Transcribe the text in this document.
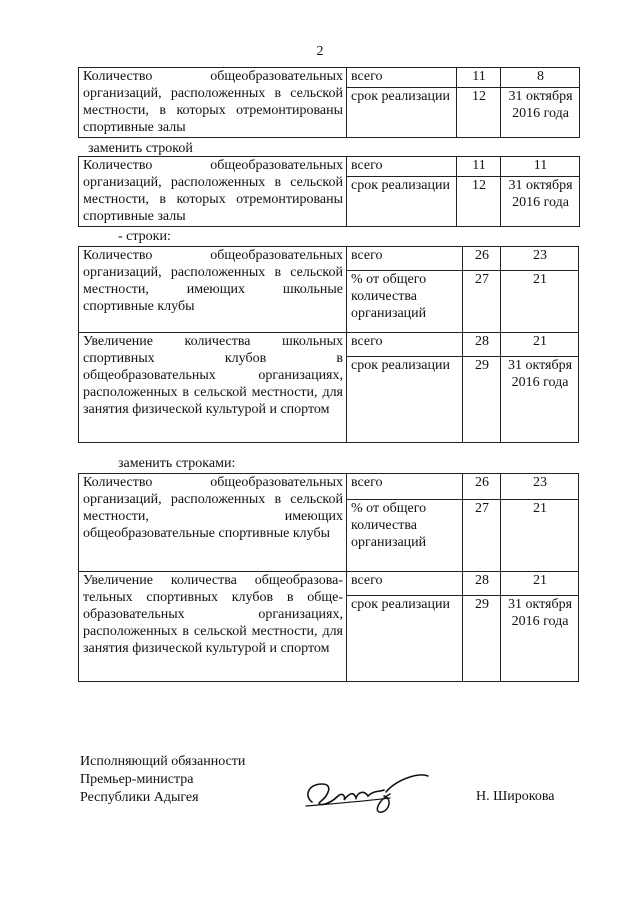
2
Количество общеобразовательных организаций, расположенных в сельской местности, в которых отремонтированы спортивные залы	всего	11	8
	срок реализации	12	31 октября 2016 года
заменить строкой
Количество общеобразовательных организаций, расположенных в сельской местности, в которых отремонтированы спортивные залы	всего	11	11
	срок реализации	12	31 октября 2016 года
- строки:
Количество общеобразовательных организаций, расположенных в сельской местности, имеющих школьные спортивные клубы	всего	26	23
	% от общего количества организаций	27	21
Увеличение количества школьных спортивных клубов в общеобразовательных организациях, расположенных в сельской местности, для занятия физической культурой и спортом	всего	28	21
	срок реализации	29	31 октября 2016 года
заменить строками:
Количество общеобразовательных организаций, расположенных в сельской местности, имеющих общеобразовательные спортивные клубы	всего	26	23
	% от общего количества организаций	27	21
Увеличение количества общеобразова-тельных спортивных клубов в обще-образовательных организациях, расположенных в сельской местности, для занятия физической культурой и спортом	всего	28	21
	срок реализации	29	31 октября 2016 года
Исполняющий обязанности
Премьер-министра
Республики Адыгея	Н. Широкова
